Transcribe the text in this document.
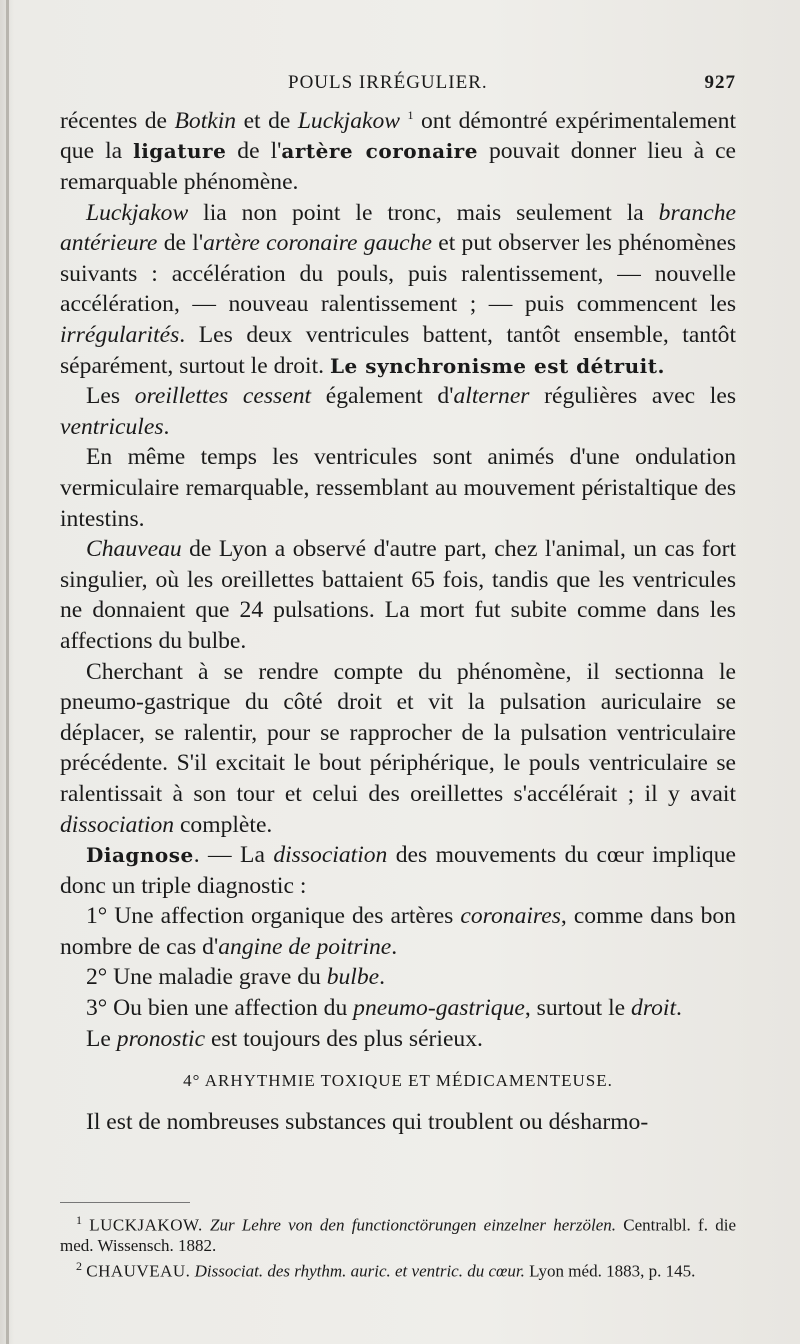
POULS IRRÉGULIER.	927

récentes de Botkin et de Luckjakow $^1$ ont démontré expérimentalement que la ligature de l'artère coronaire pouvait donner lieu à ce remarquable phénomène.

Luckjakow lia non point le tronc, mais seulement la branche antérieure de l'artère coronaire gauche et put observer les phénomènes suivants : accélération du pouls, puis ralentissement, — nouvelle accélération, — nouveau ralentissement ; — puis commencent les irrégularités. Les deux ventricules battent, tantôt ensemble, tantôt séparément, surtout le droit. Le synchronisme est détruit.

Les oreillettes cessent également d'alterner régulières avec les ventricules.

En même temps les ventricules sont animés d'une ondulation vermiculaire remarquable, ressemblant au mouvement péristaltique des intestins.

Chauveau de Lyon a observé d'autre part, chez l'animal, un cas fort singulier, où les oreillettes battaient 65 fois, tandis que les ventricules ne donnaient que 24 pulsations. La mort fut subite comme dans les affections du bulbe.

Cherchant à se rendre compte du phénomène, il sectionna le pneumo-gastrique du côté droit et vit la pulsation auriculaire se déplacer, se ralentir, pour se rapprocher de la pulsation ventriculaire précédente. S'il excitait le bout périphérique, le pouls ventriculaire se ralentissait à son tour et celui des oreillettes s'accélérait ; il y avait dissociation complète.

Diagnose. — La dissociation des mouvements du cœur implique donc un triple diagnostic :

1° Une affection organique des artères coronaires, comme dans bon nombre de cas d'angine de poitrine.

2° Une maladie grave du bulbe.

3° Ou bien une affection du pneumo-gastrique, surtout le droit.

Le pronostic est toujours des plus sérieux.

4° ARHYTHMIE TOXIQUE ET MÉDICAMENTEUSE.

Il est de nombreuses substances qui troublent ou désharmo-

$^1$ LUCKJAKOW. Zur Lehre von den functionctörungen einzelner herzölen. Centralbl. f. die med. Wissensch. 1882.

$^2$ CHAUVEAU. Dissociat. des rhythm. auric. et ventric. du cœur. Lyon méd. 1883, p. 145.
